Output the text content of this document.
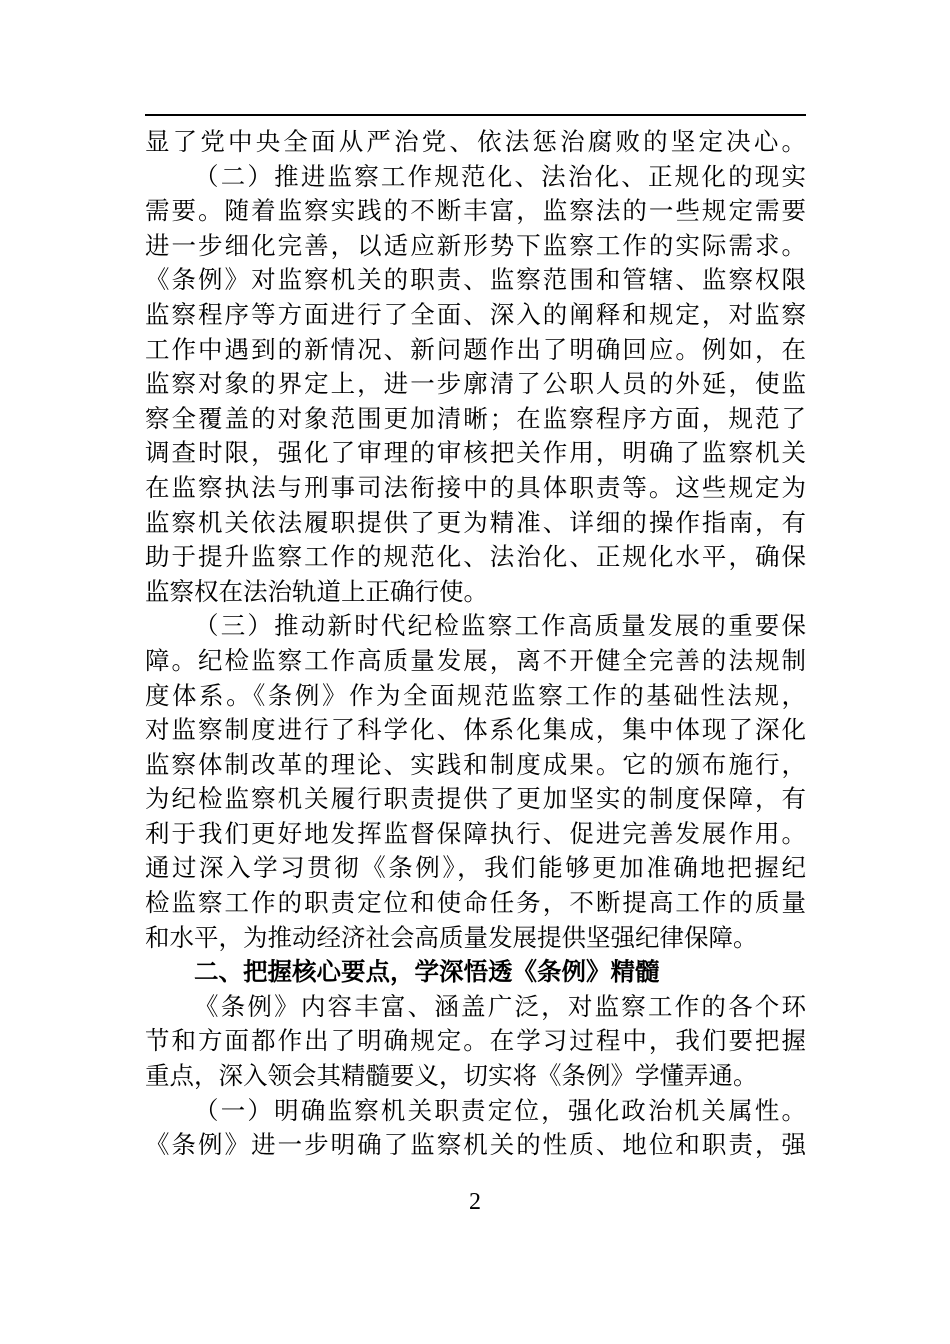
显了党中央全面从严治党、依法惩治腐败的坚定决心。
（二）推进监察工作规范化、法治化、正规化的现实
需要。随着监察实践的不断丰富，监察法的一些规定需要
进一步细化完善，以适应新形势下监察工作的实际需求。
《条例》对监察机关的职责、监察范围和管辖、监察权限
监察程序等方面进行了全面、深入的阐释和规定，对监察
工作中遇到的新情况、新问题作出了明确回应。例如，在
监察对象的界定上，进一步廓清了公职人员的外延，使监
察全覆盖的对象范围更加清晰；在监察程序方面，规范了
调查时限，强化了审理的审核把关作用，明确了监察机关
在监察执法与刑事司法衔接中的具体职责等。这些规定为
监察机关依法履职提供了更为精准、详细的操作指南，有
助于提升监察工作的规范化、法治化、正规化水平，确保
监察权在法治轨道上正确行使。
（三）推动新时代纪检监察工作高质量发展的重要保
障。纪检监察工作高质量发展，离不开健全完善的法规制
度体系。《条例》作为全面规范监察工作的基础性法规，
对监察制度进行了科学化、体系化集成，集中体现了深化
监察体制改革的理论、实践和制度成果。它的颁布施行，
为纪检监察机关履行职责提供了更加坚实的制度保障，有
利于我们更好地发挥监督保障执行、促进完善发展作用。
通过深入学习贯彻《条例》，我们能够更加准确地把握纪
检监察工作的职责定位和使命任务，不断提高工作的质量
和水平，为推动经济社会高质量发展提供坚强纪律保障。
二、把握核心要点，学深悟透《条例》精髓
《条例》内容丰富、涵盖广泛，对监察工作的各个环
节和方面都作出了明确规定。在学习过程中，我们要把握
重点，深入领会其精髓要义，切实将《条例》学懂弄通。
（一）明确监察机关职责定位，强化政治机关属性。
《条例》进一步明确了监察机关的性质、地位和职责，强
2
